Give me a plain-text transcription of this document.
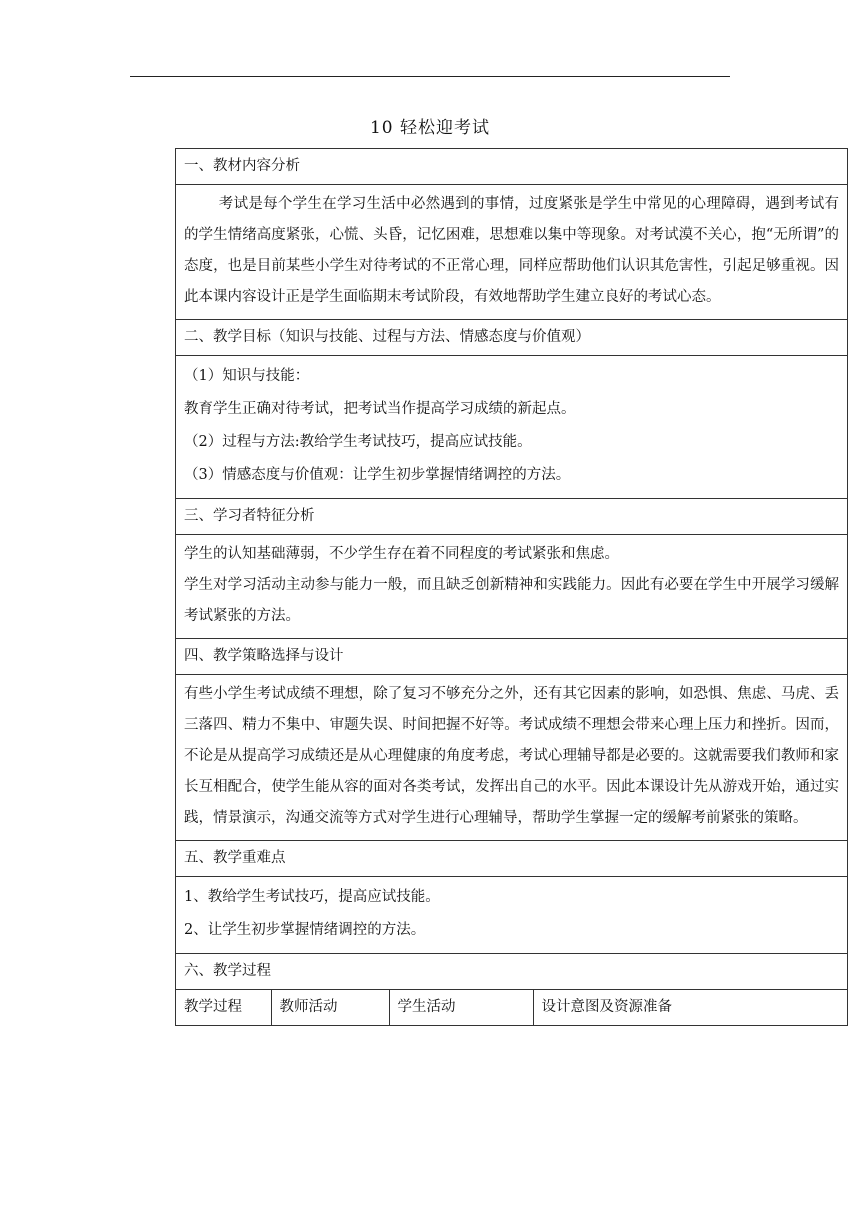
10 轻松迎考试
一、教材内容分析

考试是每个学生在学习生活中必然遇到的事情，过度紧张是学生中常见的心理障碍，遇到考试有的学生情绪高度紧张，心慌、头昏，记忆困难，思想难以集中等现象。对考试漠不关心，抱“无所谓”的态度，也是目前某些小学生对待考试的不正常心理，同样应帮助他们认识其危害性，引起足够重视。因此本课内容设计正是学生面临期末考试阶段，有效地帮助学生建立良好的考试心态。

二、教学目标（知识与技能、过程与方法、情感态度与价值观）

（1）知识与技能：
教育学生正确对待考试，把考试当作提高学习成绩的新起点。
（2）过程与方法:教给学生考试技巧，提高应试技能。
（3）情感态度与价值观：让学生初步掌握情绪调控的方法。

三、学习者特征分析

学生的认知基础薄弱，不少学生存在着不同程度的考试紧张和焦虑。
学生对学习活动主动参与能力一般，而且缺乏创新精神和实践能力。因此有必要在学生中开展学习缓解考试紧张的方法。

四、教学策略选择与设计

有些小学生考试成绩不理想，除了复习不够充分之外，还有其它因素的影响，如恐惧、焦虑、马虎、丢三落四、精力不集中、审题失误、时间把握不好等。考试成绩不理想会带来心理上压力和挫折。因而，不论是从提高学习成绩还是从心理健康的角度考虑，考试心理辅导都是必要的。这就需要我们教师和家长互相配合，使学生能从容的面对各类考试，发挥出自己的水平。因此本课设计先从游戏开始，通过实践，情景演示，沟通交流等方式对学生进行心理辅导，帮助学生掌握一定的缓解考前紧张的策略。

五、教学重难点

1、教给学生考试技巧，提高应试技能。
2、让学生初步掌握情绪调控的方法。

六、教学过程

教学过程	教师活动	学生活动	设计意图及资源准备
